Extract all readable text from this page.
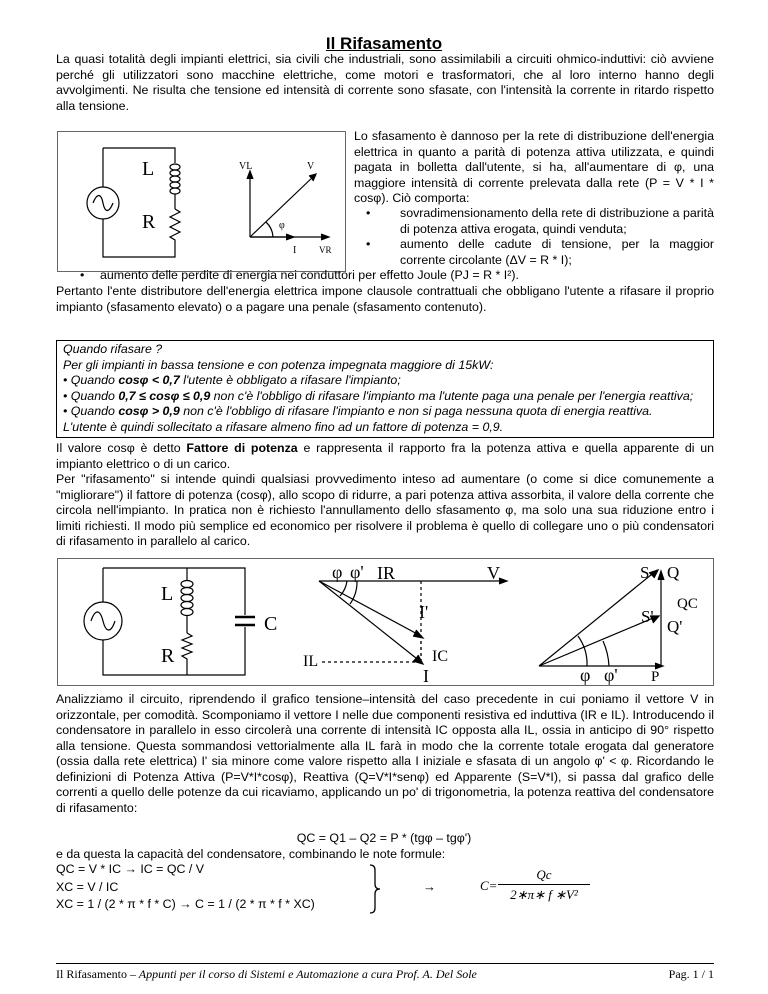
Il Rifasamento

La quasi totalità degli impianti elettrici, sia civili che industriali, sono assimilabili a circuiti ohmico-induttivi: ciò avviene perché gli utilizzatori sono macchine elettriche, come motori e trasformatori, che al loro interno hanno degli avvolgimenti. Ne risulta che tensione ed intensità di corrente sono sfasate, con l'intensità la corrente in ritardo rispetto alla tensione.

L
R
VL	V
φ
I	VR

Lo sfasamento è dannoso per la rete di distribuzione dell'energia elettrica in quanto a parità di potenza attiva utilizzata, e quindi pagata in bolletta dall'utente, si ha, all'aumentare di φ, una maggiore intensità di corrente prelevata dalla rete (P = V * I * cosφ). Ciò comporta:

• sovradimensionamento della rete di distribuzione a parità di potenza attiva erogata, quindi venduta;

• aumento delle cadute di tensione, per la maggior corrente circolante (ΔV = R * I);

• aumento delle perdite di energia nei conduttori per effetto Joule (PJ = R * I²).

Pertanto l'ente distributore dell'energia elettrica impone clausole contrattuali che obbligano l'utente a rifasare il proprio impianto (sfasamento elevato) o a pagare una penale (sfasamento contenuto).

Quando rifasare ?

Per gli impianti in bassa tensione e con potenza impegnata maggiore di 15kW:

• Quando cosφ < 0,7 l'utente è obbligato a rifasare l'impianto;

• Quando 0,7 ≤ cosφ ≤ 0,9 non c'è l'obbligo di rifasare l'impianto ma l'utente paga una penale per l'energia reattiva;

• Quando cosφ > 0,9 non c'è l'obbligo di rifasare l'impianto e non si paga nessuna quota di energia reattiva.

L'utente è quindi sollecitato a rifasare almeno fino ad un fattore di potenza = 0,9.

Il valore cosφ è detto Fattore di potenza e rappresenta il rapporto fra la potenza attiva e quella apparente di un impianto elettrico o di un carico.

Per "rifasamento" si intende quindi qualsiasi provvedimento inteso ad aumentare (o come si dice comunemente a "migliorare") il fattore di potenza (cosφ), allo scopo di ridurre, a pari potenza attiva assorbita, il valore della corrente che circola nell'impianto. In pratica non è richiesto l'annullamento dello sfasamento φ, ma solo una sua riduzione entro i limiti richiesti. Il modo più semplice ed economico per risolvere il problema è quello di collegare uno o più condensatori di rifasamento in parallelo al carico.

L
C
R
φ φ' IR	V
I'
IC
IL
I
S Q
QC
S'
Q'
φ φ' P

Analizziamo il circuito, riprendendo il grafico tensione–intensità del caso precedente in cui poniamo il vettore V in orizzontale, per comodità. Scomponiamo il vettore I nelle due componenti resistiva ed induttiva (IR e IL). Introducendo il condensatore in parallelo in esso circolerà una corrente di intensità IC opposta alla IL, ossia in anticipo di 90° rispetto alla tensione. Questa sommandosi vettorialmente alla IL farà in modo che la corrente totale erogata dal generatore (ossia dalla rete elettrica) I' sia minore come valore rispetto alla I iniziale e sfasata di un angolo φ' < φ. Ricordando le definizioni di Potenza Attiva (P=V*I*cosφ), Reattiva (Q=V*I*senφ) ed Apparente (S=V*I), si passa dal grafico delle correnti a quello delle potenze da cui ricaviamo, applicando un po' di trigonometria, la potenza reattiva del condensatore di rifasamento:

QC = Q1 – Q2 = P * (tgφ – tgφ')

e da questa la capacità del condensatore, combinando le note formule:

QC = V * IC → IC = QC / V
XC = V / IC
XC = 1 / (2 * π * f * C) → C = 1 / (2 * π * f * XC)
→	C=
Qc
2∗π∗ f ∗V²
Il Rifasamento – Appunti per il corso di Sistemi e Automazione a cura Prof. A. Del Sole	Pag. 1 / 1
